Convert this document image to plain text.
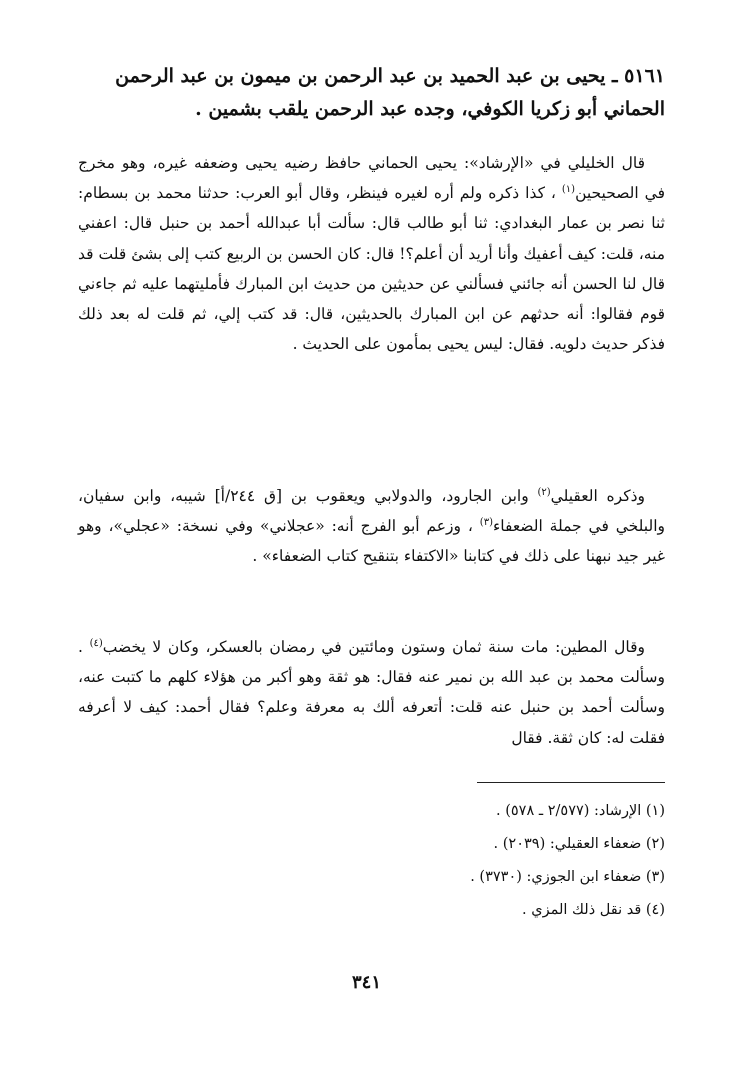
٥١٦١ ـ يحيى بن عبد الحميد بن عبد الرحمن بن ميمون بن عبد الرحمن الحماني أبو زكريا الكوفي، وجده عبد الرحمن يلقب بشمين .

قال الخليلي في «الإرشاد»: يحيى الحماني حافظ رضيه يحيى وضعفه غيره، وهو مخرج في الصحيحين$^{(١)}$ ، كذا ذكره ولم أره لغيره فينظر، وقال أبو العرب: حدثنا محمد بن بسطام: ثنا نصر بن عمار البغدادي: ثنا أبو طالب قال: سألت أبا عبدالله أحمد بن حنبل قال: اعفني منه، قلت: كيف أعفيك وأنا أريد أن أعلم؟! قال: كان الحسن بن الربيع كتب إلى بشئ قلت قد قال لنا الحسن أنه جائني فسألني عن حديثين من حديث ابن المبارك فأمليتهما عليه ثم جاءني قوم فقالوا: أنه حدثهم عن ابن المبارك بالحديثين، قال: قد كتب إلي، ثم قلت له بعد ذلك فذكر حديث دلويه. فقال: ليس يحيى بمأمون على الحديث .

وذكره العقيلي$^{(٢)}$ وابن الجارود، والدولابي ويعقوب بن [ق ٢٤٤/أ] شيبه، وابن سفيان، والبلخي في جملة الضعفاء$^{(٣)}$ ، وزعم أبو الفرج أنه: «عجلاني» وفي نسخة: «عجلي»، وهو غير جيد نبهنا على ذلك في كتابنا «الاكتفاء بتنقيح كتاب الضعفاء» .

وقال المطين: مات سنة ثمان وستون ومائتين في رمضان بالعسكر، وكان لا يخضب$^{(٤)}$ . وسألت محمد بن عبد الله بن نمير عنه فقال: هو ثقة وهو أكبر من هؤلاء كلهم ما كتبت عنه، وسألت أحمد بن حنبل عنه قلت: أتعرفه ألك به معرفة وعلم؟ فقال أحمد: كيف لا أعرفه فقلت له: كان ثقة. فقال

(١) الإرشاد: (٢/٥٧٧ ـ ٥٧٨) .
(٢) ضعفاء العقيلي: (٢٠٣٩) .
(٣) ضعفاء ابن الجوزي: (٣٧٣٠) .
(٤) قد نقل ذلك المزي .
٣٤١
